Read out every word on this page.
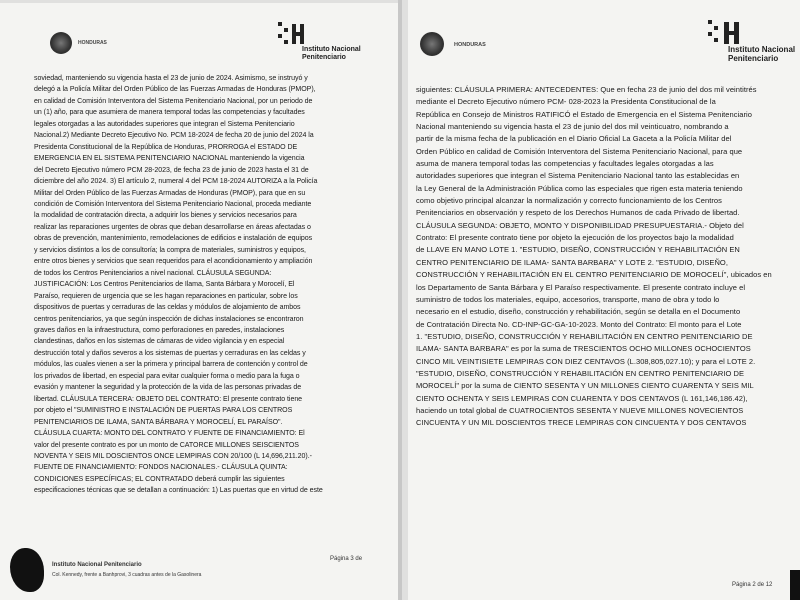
HONDURAS
Instituto Nacional
Penitenciario
soviedad, manteniendo su vigencia hasta el 23 de junio de 2024. Asimismo, se instruyó y
delegó a la Policía Militar del Orden Público de las Fuerzas Armadas de Honduras (PMOP),
en calidad de Comisión Interventora del Sistema Penitenciario Nacional, por un periodo de
un (1) año, para que asumiera de manera temporal todas las competencias y facultades
legales otorgadas a las autoridades superiores que integran el Sistema Penitenciario
Nacional.2) Mediante Decreto Ejecutivo No. PCM 18-2024 de fecha 20 de junio del 2024 la
Presidenta Constitucional de la República de Honduras, PRORROGA el ESTADO DE
EMERGENCIA EN EL SISTEMA PENITENCIARIO NACIONAL manteniendo la vigencia
del Decreto Ejecutivo número PCM 28-2023, de fecha 23 de junio de 2023 hasta el 31 de
diciembre del año 2024. 3) El artículo 2, numeral 4 del PCM 18-2024 AUTORIZA a la Policía
Militar del Orden Público de las Fuerzas Armadas de Honduras (PMOP), para que en su
condición de Comisión Interventora del Sistema Penitenciario Nacional, proceda mediante
la modalidad de contratación directa, a adquirir los bienes y servicios necesarios para
realizar las reparaciones urgentes de obras que deban desarrollarse en áreas afectadas o
obras de prevención, mantenimiento, remodelaciones de edificios e instalación de equipos
y servicios distintos a los de consultoría; la compra de materiales, suministros y equipos,
entre otros bienes y servicios que sean requeridos para el acondicionamiento y ampliación
de todos los Centros Penitenciarios a nivel nacional. CLÁUSULA SEGUNDA:
JUSTIFICACIÓN: Los Centros Penitenciarios de Ilama, Santa Bárbara y Morocelí, El
Paraíso, requieren de urgencia que se les hagan reparaciones en particular, sobre los
dispositivos de puertas y cerraduras de las celdas y módulos de alojamiento de ambos
centros penitenciarios, ya que según inspección de dichas instalaciones se encontraron
graves daños en la infraestructura, como perforaciones en paredes, instalaciones
clandestinas, daños en los sistemas de cámaras de video vigilancia y en especial
destrucción total y daños severos a los sistemas de puertas y cerraduras en las celdas y
módulos, las cuales vienen a ser la primera y principal barrera de contención y control de
los privados de libertad, en especial para evitar cualquier forma o medio para la fuga o
evasión y mantener la seguridad y la protección de la vida de las personas privadas de
libertad. CLÁUSULA TERCERA: OBJETO DEL CONTRATO: El presente contrato tiene
por objeto el "SUMINISTRO E INSTALACIÓN DE PUERTAS PARA LOS CENTROS
PENITENCIARIOS DE ILAMA, SANTA BÁRBARA Y MOROCELÍ, EL PARAÍSO".
CLÁUSULA CUARTA: MONTO DEL CONTRATO Y FUENTE DE FINANCIAMIENTO: El
valor del presente contrato es por un monto de CATORCE MILLONES SEISCIENTOS
NOVENTA Y SEIS MIL DOSCIENTOS ONCE LEMPIRAS CON 20/100 (L 14,696,211.20).-
FUENTE DE FINANCIAMIENTO: FONDOS NACIONALES.- CLÁUSULA QUINTA:
CONDICIONES ESPECÍFICAS; EL CONTRATADO deberá cumplir las siguientes
especificaciones técnicas que se detallan a continuación: 1) Las puertas que en virtud de este
Instituto Nacional Penitenciario
Col. Kennedy, frente a Banhprovi, 3 cuadras antes de la Gasolinera
Página 3 de
HONDURAS	Instituto Nacional
Penitenciario
siguientes: CLÁUSULA PRIMERA: ANTECEDENTES: Que en fecha 23 de junio del dos mil veintitrés
mediante el Decreto Ejecutivo número PCM- 028-2023 la Presidenta Constitucional de la
República en Consejo de Ministros RATIFICÓ el Estado de Emergencia en el Sistema Penitenciario
Nacional manteniendo su vigencia hasta el 23 de junio del dos mil veinticuatro, nombrando a
partir de la misma fecha de la publicación en el Diario Oficial La Gaceta a la Policía Militar del
Orden Público en calidad de Comisión Interventora del Sistema Penitenciario Nacional, para que
asuma de manera temporal todas las competencias y facultades legales otorgadas a las
autoridades superiores que integran el Sistema Penitenciario Nacional tanto las establecidas en
la Ley General de la Administración Pública como las especiales que rigen esta materia teniendo
como objetivo principal alcanzar la normalización y correcto funcionamiento de los Centros
Penitenciarios en observación y respeto de los Derechos Humanos de cada Privado de libertad.
CLÁUSULA SEGUNDA: OBJETO, MONTO Y DISPONIBILIDAD PRESUPUESTARIA.- Objeto del
Contrato: El presente contrato tiene por objeto la ejecución de los proyectos bajo la modalidad
de LLAVE EN MANO LOTE 1. "ESTUDIO, DISEÑO, CONSTRUCCIÓN Y REHABILITACIÓN EN
CENTRO PENITENCIARIO DE ILAMA- SANTA BARBARA" Y LOTE 2. "ESTUDIO, DISEÑO,
CONSTRUCCIÓN Y REHABILITACIÓN EN EL CENTRO PENITENCIARIO DE MOROCELÍ", ubicados en
los Departamento de Santa Bárbara y El Paraíso respectivamente. El presente contrato incluye el
suministro de todos los materiales, equipo, accesorios, transporte, mano de obra y todo lo
necesario en el estudio, diseño, construcción y rehabilitación, según se detalla en el Documento
de Contratación Directa No. CD-INP-GC-GA-10-2023. Monto del Contrato: El monto para el Lote
1. "ESTUDIO, DISEÑO, CONSTRUCCIÓN Y REHABILITACIÓN EN CENTRO PENITENCIARIO DE
ILAMA- SANTA BARBARA" es por la suma de TRESCIENTOS OCHO MILLONES OCHOCIENTOS
CINCO MIL VEINTISIETE LEMPIRAS CON DIEZ CENTAVOS (L.308,805,027.10); y para el LOTE 2.
"ESTUDIO, DISEÑO, CONSTRUCCIÓN Y REHABILITACIÓN EN CENTRO PENITENCIARIO DE
MOROCELÍ" por la suma de CIENTO SESENTA Y UN MILLONES CIENTO CUARENTA Y SEIS MIL
CIENTO OCHENTA Y SEIS LEMPIRAS CON CUARENTA Y DOS CENTAVOS (L 161,146,186.42),
haciendo un total global de CUATROCIENTOS SESENTA Y NUEVE MILLONES NOVECIENTOS
CINCUENTA Y UN MIL DOSCIENTOS TRECE LEMPIRAS CON CINCUENTA Y DOS CENTAVOS
Página 2 de 12
